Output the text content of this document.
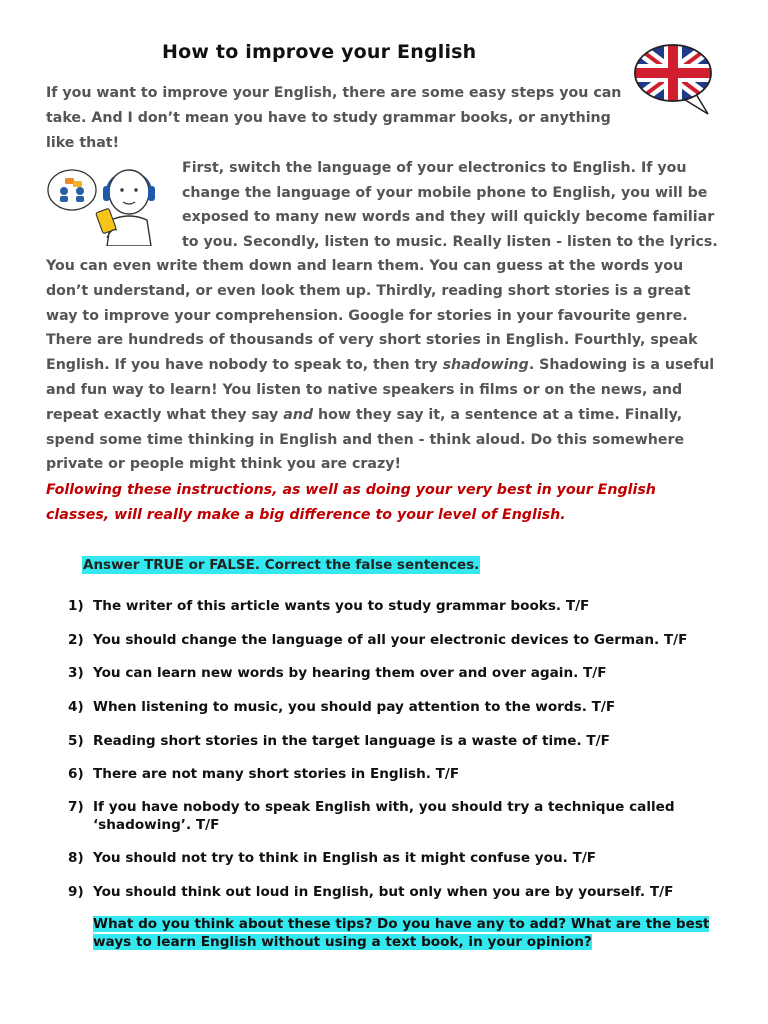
How to improve your English

If you want to improve your English, there are some easy steps you can

take. And I don’t mean you have to study grammar books, or anything

like that!

First, switch the language of your electronics to English. If you

change the language of your mobile phone to English, you will be

exposed to many new words and they will quickly become familiar

to you. Secondly, listen to music. Really listen - listen to the lyrics.

You can even write them down and learn them. You can guess at the words you

don’t understand, or even look them up. Thirdly, reading short stories is a great

way to improve your comprehension. Google for stories in your favourite genre.

There are hundreds of thousands of very short stories in English. Fourthly, speak

English. If you have nobody to speak to, then try shadowing. Shadowing is a useful

and fun way to learn! You listen to native speakers in films or on the news, and

repeat exactly what they say and how they say it, a sentence at a time. Finally,

spend some time thinking in English and then - think aloud. Do this somewhere

private or people might think you are crazy!

Following these instructions, as well as doing your very best in your English
classes, will really make a big difference to your level of English.
Answer TRUE or FALSE. Correct the false sentences.
1) The writer of this article wants you to study grammar books. T/F
2) You should change the language of all your electronic devices to German. T/F
3) You can learn new words by hearing them over and over again. T/F
4) When listening to music, you should pay attention to the words. T/F
5) Reading short stories in the target language is a waste of time. T/F
6) There are not many short stories in English. T/F
7) If you have nobody to speak English with, you should try a technique called ‘shadowing’. T/F
8) You should not try to think in English as it might confuse you. T/F
9) You should think out loud in English, but only when you are by yourself. T/F
What do you think about these tips? Do you have any to add? What are the best ways to learn English without using a text book, in your opinion?
